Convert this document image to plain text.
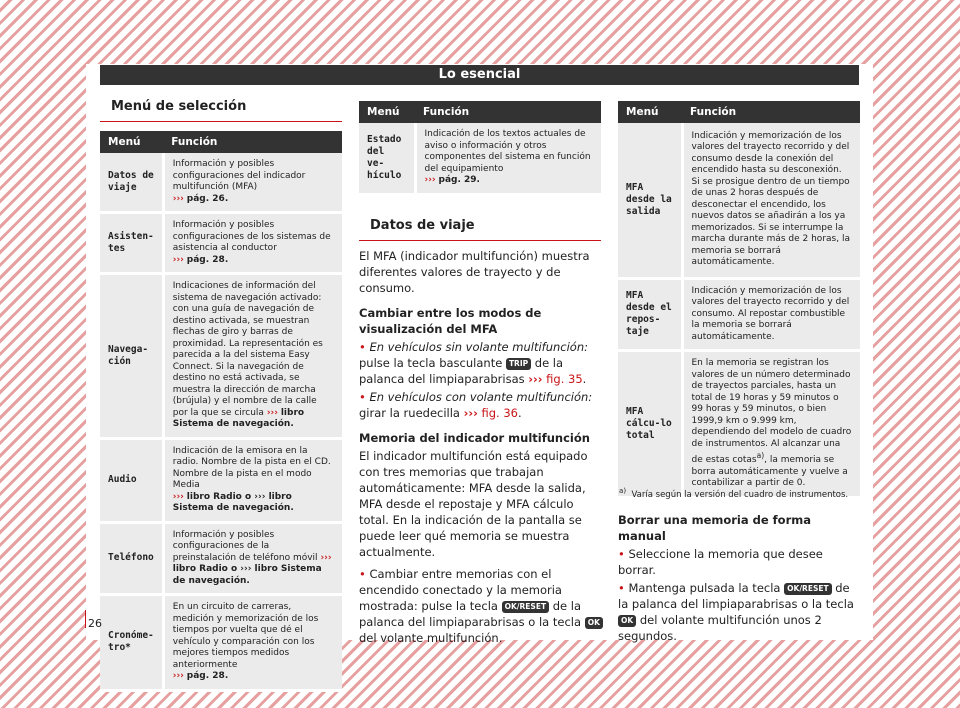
Lo esencial
Menú de selección
Menú	Función
Datos de viaje	Información y posibles configuraciones del indicador multifunción (MFA)
››› pág. 26.
Asisten-tes	Información y posibles configuraciones de los sistemas de asistencia al conductor
››› pág. 28.
Navega-ción	Indicaciones de información del sistema de navegación activado: con una guía de navegación de destino activada, se muestran flechas de giro y barras de proximidad. La representación es parecida a la del sistema Easy Connect. Si la navegación de destino no está activada, se muestra la dirección de marcha (brújula) y el nombre de la calle por la que se circula ››› libro Sistema de navegación.
Audio	Indicación de la emisora en la radio. Nombre de la pista en el CD. Nombre de la pista en el modo Media
››› libro Radio o ››› libro Sistema de navegación.
Teléfono	Información y posibles configuraciones de la preinstalación de teléfono móvil ››› libro Radio o ››› libro Sistema de navegación.
Cronóme-tro*	En un circuito de carreras, medición y memorización de los tiempos por vuelta que dé el vehículo y comparación con los mejores tiempos medidos anteriormente
››› pág. 28.
Menú	Función
Estado del ve-hículo	Indicación de los textos actuales de aviso o información y otros componentes del sistema en función del equipamiento
››› pág. 29.
Datos de viaje

El MFA (indicador multifunción) muestra diferentes valores de trayecto y de consumo.

Cambiar entre los modos de visualización del MFA

• En vehículos sin volante multifunción: pulse la tecla basculante TRIP de la palanca del limpiaparabrisas ››› fig. 35.

• En vehículos con volante multifunción: girar la ruedecilla ››› fig. 36.

Memoria del indicador multifunción

El indicador multifunción está equipado con tres memorias que trabajan automáticamente: MFA desde la salida, MFA desde el repostaje y MFA cálculo total. En la indicación de la pantalla se puede leer qué memoria se muestra actualmente.

• Cambiar entre memorias con el encendido conectado y la memoria mostrada: pulse la tecla OK/RESET de la palanca del limpiaparabrisas o la tecla OK del volante multifunción.

Menú	Función
MFA desde la salida	Indicación y memorización de los valores del trayecto recorrido y del consumo desde la conexión del encendido hasta su desconexión. Si se prosigue dentro de un tiempo de unas 2 horas después de desconectar el encendido, los nuevos datos se añadirán a los ya memorizados. Si se interrumpe la marcha durante más de 2 horas, la memoria se borrará automáticamente.
MFA desde el repos-taje	Indicación y memorización de los valores del trayecto recorrido y del consumo. Al repostar combustible la memoria se borrará automáticamente.
MFA cálcu-lo total	En la memoria se registran los valores de un número determinado de trayectos parciales, hasta un total de 19 horas y 59 minutos o 99 horas y 59 minutos, o bien 1999,9 km o 9.999 km, dependiendo del modelo de cuadro de instrumentos. Al alcanzar una de estas cotas$^{a)}$, la memoria se borra automáticamente y vuelve a contabilizar a partir de 0.
$^{a)}$ Varía según la versión del cuadro de instrumentos.

Borrar una memoria de forma manual

• Seleccione la memoria que desee borrar.

• Mantenga pulsada la tecla OK/RESET de la palanca del limpiaparabrisas o la tecla OK del volante multifunción unos 2 segundos.

26
